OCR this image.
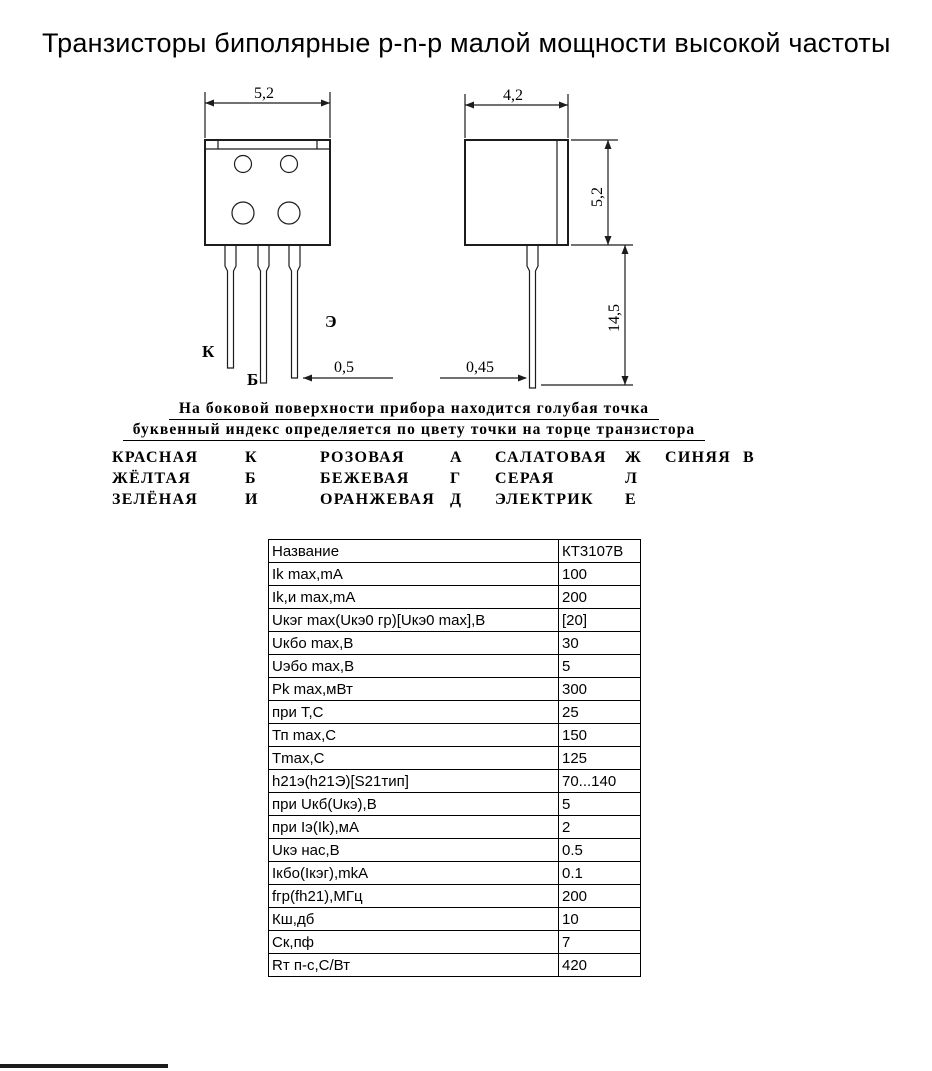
Транзисторы биполярные p-n-p малой мощности высокой частоты
5,2
К
Б
Э
0,5
4,2
5,2
14,5
0,45
На боковой поверхности прибора находится голубая точка
буквенный индекс определяется по цвету точки на торце транзистора
КРАСНАЯ	К	РОЗОВАЯ	А	САЛАТОВАЯ	Ж	СИНЯЯ	В
ЖЁЛТАЯ	Б	БЕЖЕВАЯ	Г	СЕРАЯ	Л		
ЗЕЛЁНАЯ	И	ОРАНЖЕВАЯ	Д	ЭЛЕКТРИК	Е		
Название	КТ3107В
Ik max,mA	100
Ik,и max,mA	200
Uкэг max(Uкэ0 гр)[Uкэ0 max],В	[20]
Uкбо max,В	30
Uэбо max,В	5
Pk max,мВт	300
при Т,С	25
Тп max,С	150
Тmax,С	125
h21э(h21Э)[S21тип]	70...140
при Uкб(Uкэ),В	5
при Iэ(Ik),мА	2
Uкэ нас,В	0.5
Iкбо(Iкэг),mkA	0.1
fгр(fh21),МГц	200
Кш,дб	10
Ск,пф	7
Rт п-с,С/Вт	420
